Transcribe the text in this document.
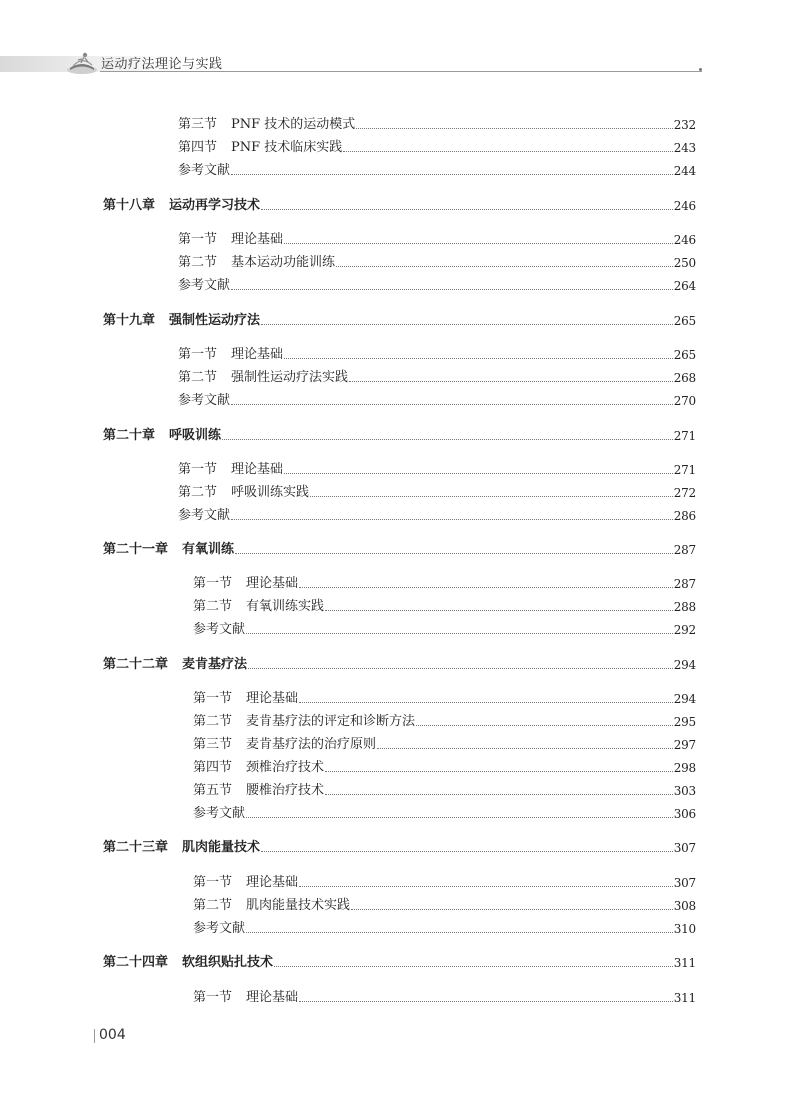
运动疗法理论与实践
第三节 PNF 技术的运动模式	232
第四节 PNF 技术临床实践	243
参考文献	244
第十八章 运动再学习技术	246
第一节 理论基础	246
第二节 基本运动功能训练	250
参考文献	264
第十九章 强制性运动疗法	265
第一节 理论基础	265
第二节 强制性运动疗法实践	268
参考文献	270
第二十章 呼吸训练	271
第一节 理论基础	271
第二节 呼吸训练实践	272
参考文献	286
第二十一章 有氧训练	287
第一节 理论基础	287
第二节 有氧训练实践	288
参考文献	292
第二十二章 麦肯基疗法	294
第一节 理论基础	294
第二节 麦肯基疗法的评定和诊断方法	295
第三节 麦肯基疗法的治疗原则	297
第四节 颈椎治疗技术	298
第五节 腰椎治疗技术	303
参考文献	306
第二十三章 肌肉能量技术	307
第一节 理论基础	307
第二节 肌肉能量技术实践	308
参考文献	310
第二十四章 软组织贴扎技术	311
第一节 理论基础	311
004
